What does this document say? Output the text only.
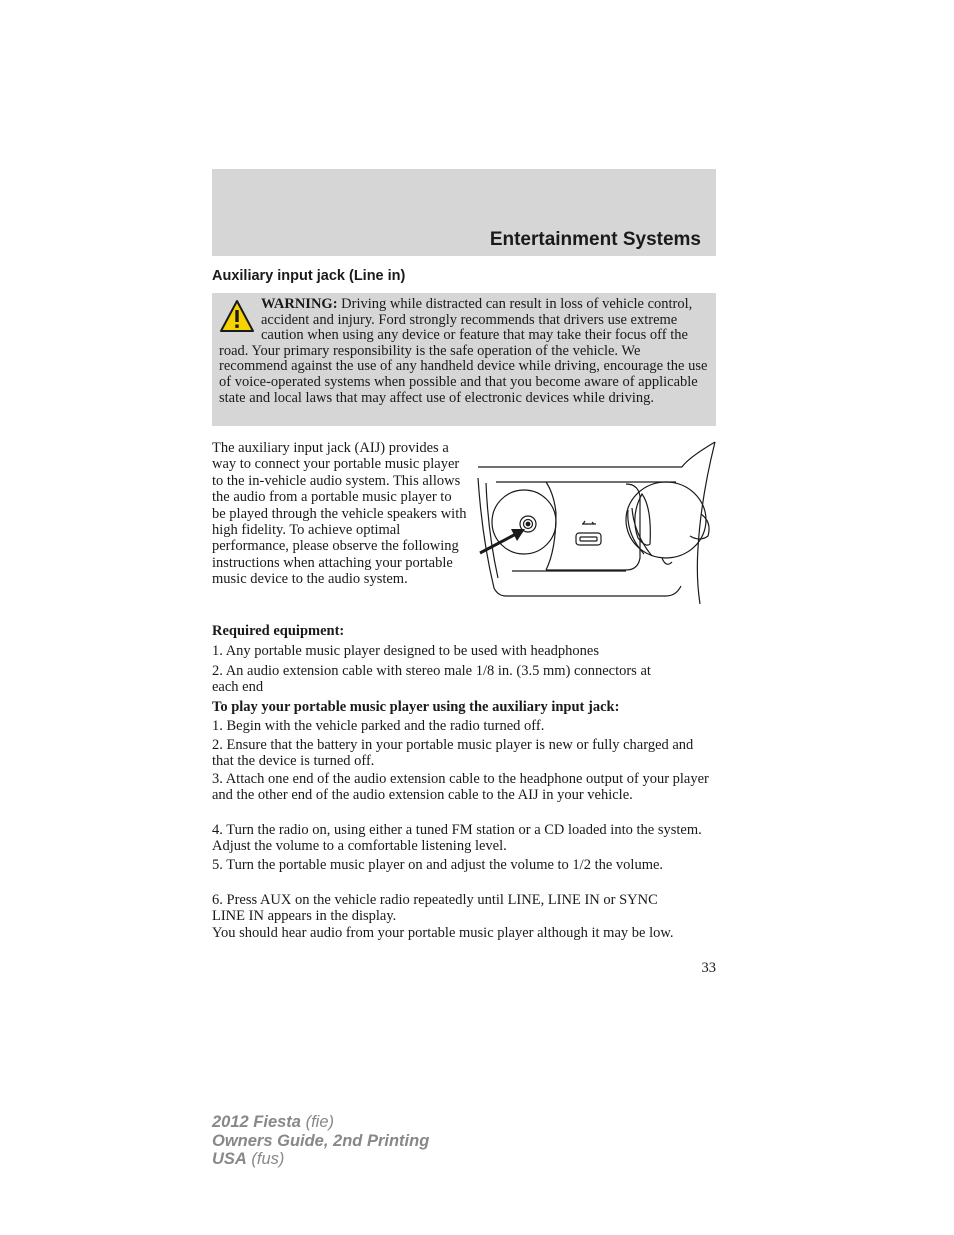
Entertainment Systems
Auxiliary input jack (Line in)
WARNING: Driving while distracted can result in loss of vehicle control, accident and injury. Ford strongly recommends that drivers use extreme caution when using any device or feature that may take their focus off the road. Your primary responsibility is the safe operation of the vehicle. We recommend against the use of any handheld device while driving, encourage the use of voice-operated systems when possible and that you become aware of applicable state and local laws that may affect use of electronic devices while driving.
The auxiliary input jack (AIJ) provides a way to connect your portable music player to the in-vehicle audio system. This allows the audio from a portable music player to be played through the vehicle speakers with high fidelity. To achieve optimal performance, please observe the following instructions when attaching your portable music device to the audio system.
Required equipment:
1. Any portable music player designed to be used with headphones
2. An audio extension cable with stereo male 1/8 in. (3.5 mm) connectors at each end
To play your portable music player using the auxiliary input jack:
1. Begin with the vehicle parked and the radio turned off.
2. Ensure that the battery in your portable music player is new or fully charged and that the device is turned off.
3. Attach one end of the audio extension cable to the headphone output of your player and the other end of the audio extension cable to the AIJ in your vehicle.
4. Turn the radio on, using either a tuned FM station or a CD loaded into the system. Adjust the volume to a comfortable listening level.
5. Turn the portable music player on and adjust the volume to 1/2 the volume.
6. Press AUX on the vehicle radio repeatedly until LINE, LINE IN or SYNC LINE IN appears in the display.
You should hear audio from your portable music player although it may be low.
33
2012 Fiesta (fie)
Owners Guide, 2nd Printing
USA (fus)
